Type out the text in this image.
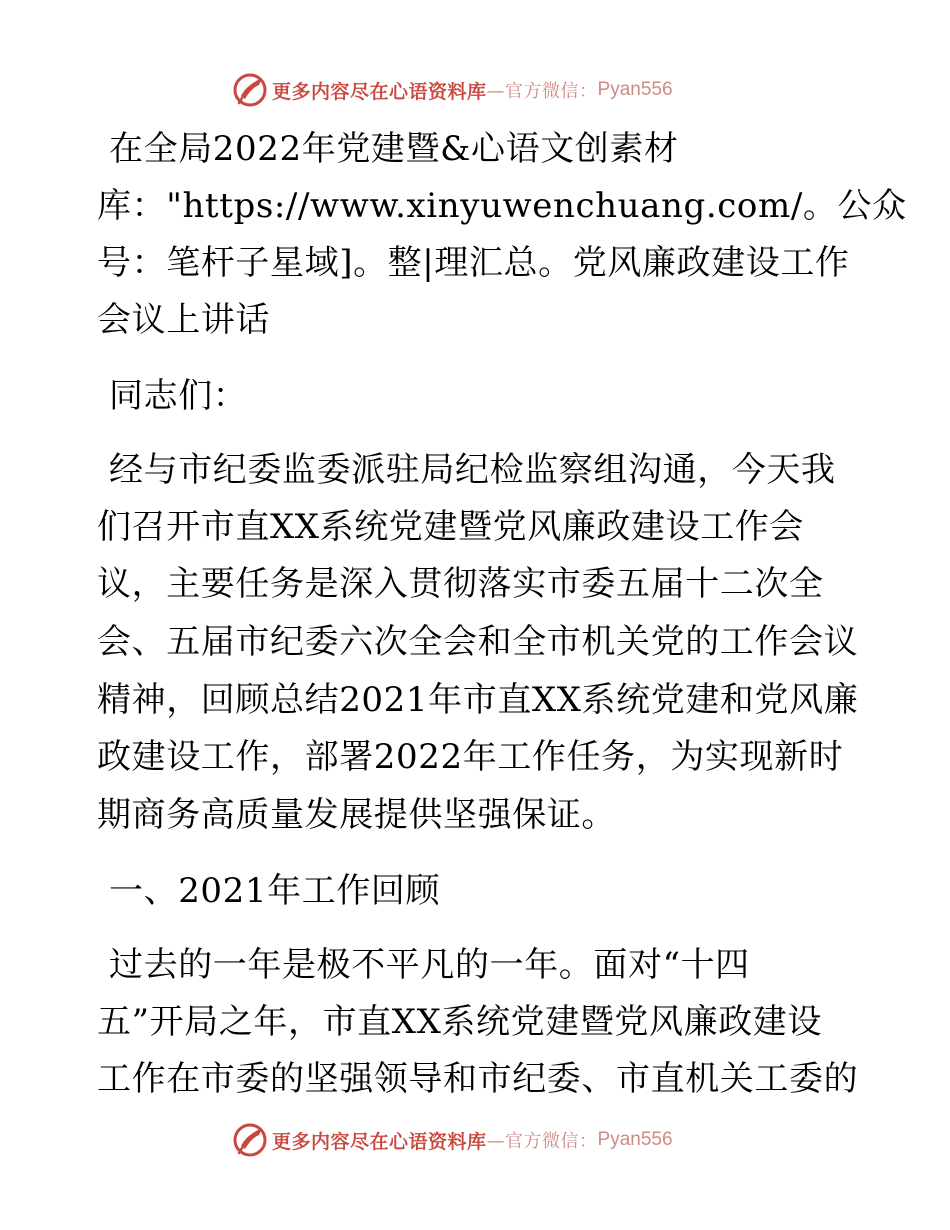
更多内容尽在心语资料库 —官方微信： Pyan556
在全局2022年党建暨&心语文创素材
库："https://www.xinyuwenchuang.com/。公众
号：笔杆子星域]。整|理汇总。党风廉政建设工作
会议上讲话
同志们：
经与市纪委监委派驻局纪检监察组沟通，今天我
们召开市直XX系统党建暨党风廉政建设工作会
议，主要任务是深入贯彻落实市委五届十二次全
会、五届市纪委六次全会和全市机关党的工作会议
精神，回顾总结2021年市直XX系统党建和党风廉
政建设工作，部署2022年工作任务，为实现新时
期商务高质量发展提供坚强保证。
一、2021年工作回顾
过去的一年是极不平凡的一年。面对“十四
五”开局之年，市直XX系统党建暨党风廉政建设
工作在市委的坚强领导和市纪委、市直机关工委的
更多内容尽在心语资料库 —官方微信： Pyan556
